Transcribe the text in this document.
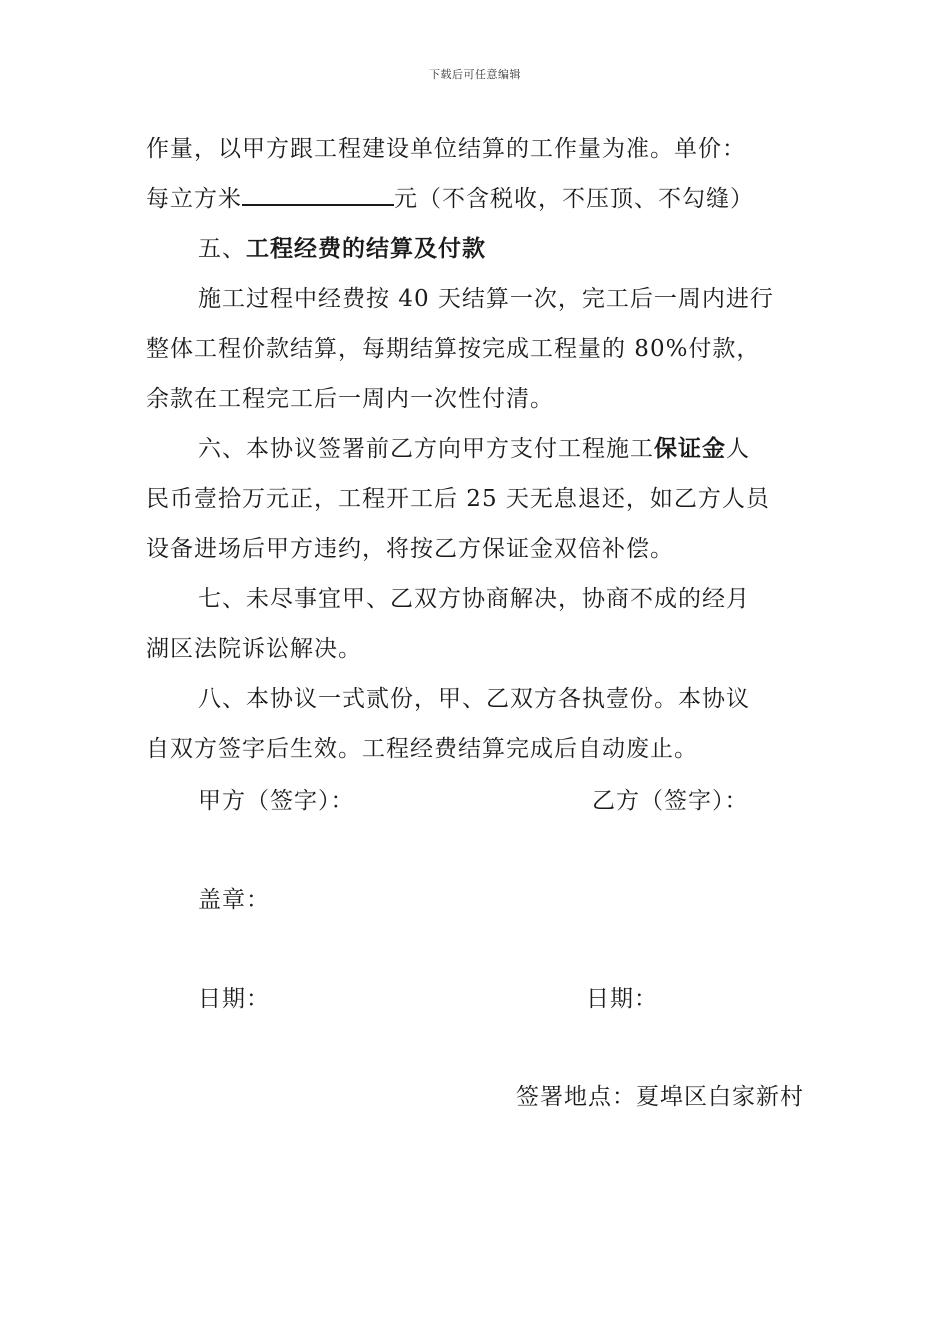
下载后可任意编辑
作量，以甲方跟工程建设单位结算的工作量为准。单价：
每立方米	元（不含税收，不压顶、不勾缝）
五、工程经费的结算及付款
施工过程中经费按 40 天结算一次，完工后一周内进行
整体工程价款结算，每期结算按完成工程量的 80%付款，
余款在工程完工后一周内一次性付清。
六、本协议签署前乙方向甲方支付工程施工保证金人
民币壹拾万元正，工程开工后 25 天无息退还，如乙方人员
设备进场后甲方违约，将按乙方保证金双倍补偿。
七、未尽事宜甲、乙双方协商解决，协商不成的经月
湖区法院诉讼解决。
八、本协议一式贰份，甲、乙双方各执壹份。本协议
自双方签字后生效。工程经费结算完成后自动废止。
甲方（签字）：	乙方（签字）：
盖章：
日期：	日期：
签署地点：夏埠区白家新村
